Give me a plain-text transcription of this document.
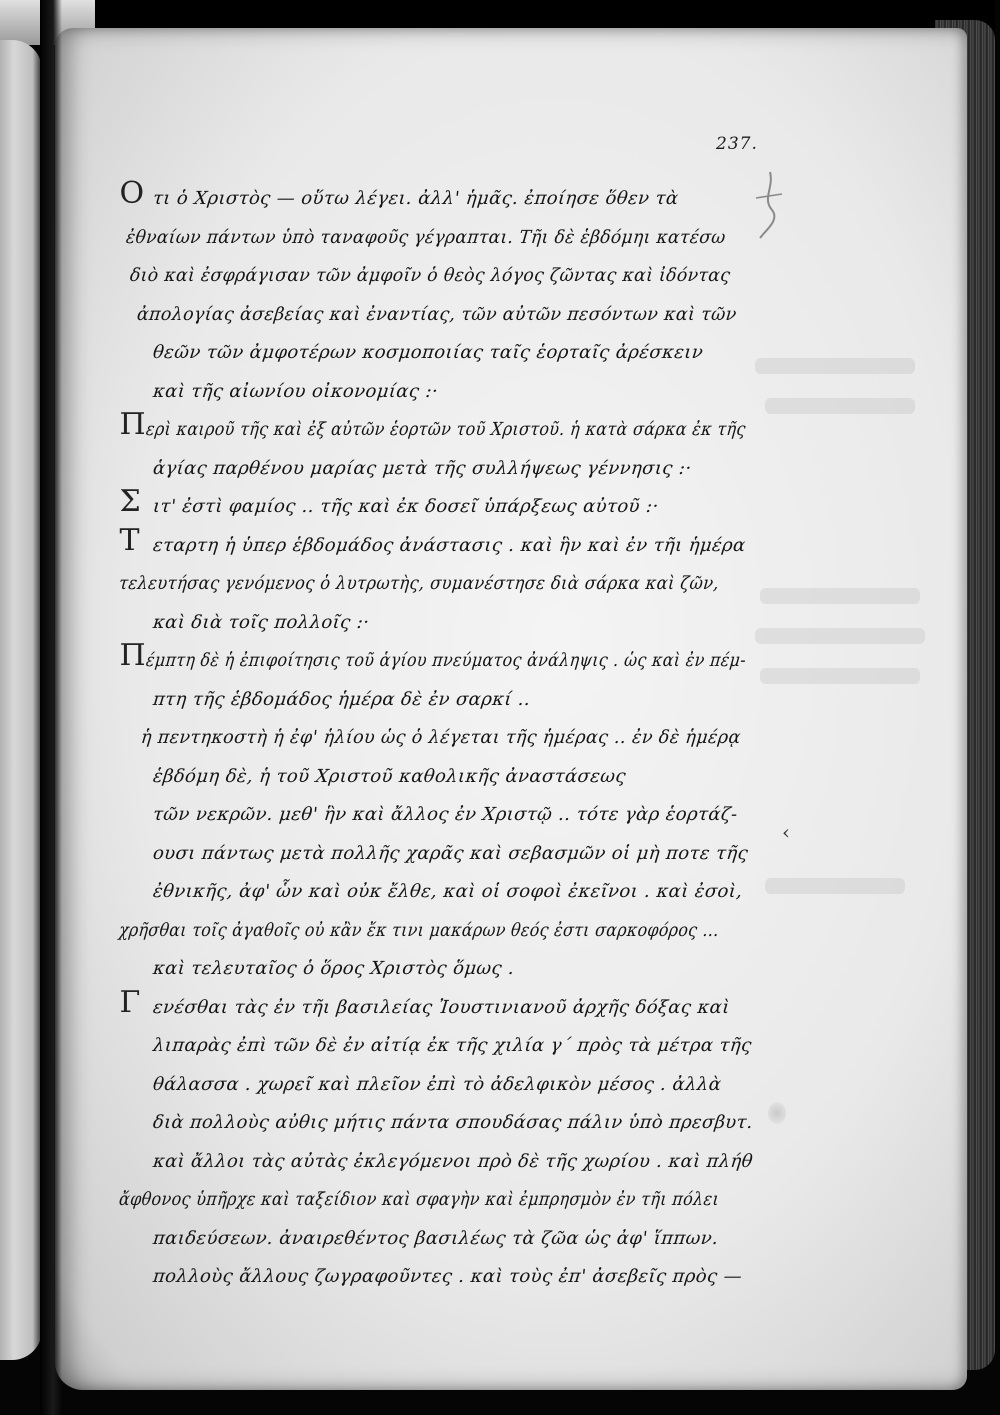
237.
O τι ὁ Χριστὸς — οὕτω λέγει. ἀλλ' ἡμᾶς. ἐποίησε ὅθεν τὰ
ἐθναίων πάντων ὑπὸ ταναφοῦς γέγραπται. Τῆι δὲ ἑβδόμηι κατέσω
διὸ καὶ ἐσφράγισαν τῶν ἀμφοῖν ὁ θεὸς λόγος ζῶντας καὶ ἰδόντας
ἀπολογίας ἀσεβείας καὶ ἐναντίας, τῶν αὐτῶν πεσόντων καὶ τῶν
θεῶν τῶν ἀμφοτέρων κοσμοποιίας ταῖς ἑορταῖς ἀρέσκειν
καὶ τῆς αἰωνίου οἰκονομίας :·
Π
ερὶ καιροῦ τῆς καὶ ἐξ αὐτῶν ἑορτῶν τοῦ Χριστοῦ. ἡ κατὰ σάρκα ἐκ τῆς
ἁγίας παρθένου μαρίας μετὰ τῆς συλλήψεως γέννησις :·
Σ ιτ' ἐστὶ φαμίος .. τῆς καὶ ἐκ δοσεῖ ὑπάρξεως αὐτοῦ :·
Τ εταρτη ἡ ὑπερ ἑβδομάδος ἀνάστασις . καὶ ἣν καὶ ἐν τῆι ἡμέρα
τελευτήσας γενόμενος ὁ λυτρωτὴς, συμανέστησε διὰ σάρκα καὶ ζῶν,
καὶ διὰ τοῖς πολλοῖς :·
Π
έμπτη δὲ ἡ ἐπιφοίτησις τοῦ ἁγίου πνεύματος ἀνάληψις . ὡς καὶ ἐν πέμ-
πτη τῆς ἑβδομάδος ἡμέρα δὲ ἐν σαρκί ..
ἡ πεντηκοστὴ ἡ ἐφ' ἡλίου ὡς ὁ λέγεται τῆς ἡμέρας .. ἐν δὲ ἡμέρᾳ
ἑβδόμη δὲ, ἡ τοῦ Χριστοῦ καθολικῆς ἀναστάσεως
τῶν νεκρῶν. μεθ' ἣν καὶ ἄλλος ἐν Χριστῷ .. τότε γὰρ ἑορτάζ-
ουσι πάντως μετὰ πολλῆς χαρᾶς καὶ σεβασμῶν οἱ μὴ ποτε τῆς
ἐθνικῆς, ἀφ' ὧν καὶ οὐκ ἔλθε, καὶ οἱ σοφοὶ ἐκεῖνοι . καὶ ἐσοὶ,
χρῆσθαι τοῖς ἀγαθοῖς οὐ κἂν ἔκ τινι μακάρων θεός ἐστι σαρκοφόρος ...
καὶ τελευταῖος ὁ ὅρος Χριστὸς ὅμως .
Γ ενέσθαι τὰς ἐν τῆι βασιλείας Ἰουστινιανοῦ ἀρχῆς δόξας καὶ
λιπαρὰς ἐπὶ τῶν δὲ ἐν αἰτίᾳ ἐκ τῆς χιλία γ΄ πρὸς τὰ μέτρα τῆς
θάλασσα . χωρεῖ καὶ πλεῖον ἐπὶ τὸ ἀδελφικὸν μέσος . ἀλλὰ
διὰ πολλοὺς αὐθις μήτις πάντα σπουδάσας πάλιν ὑπὸ πρεσβυτ.
καὶ ἄλλοι τὰς αὐτὰς ἐκλεγόμενοι πρὸ δὲ τῆς χωρίου . καὶ πλήθ
ἄφθονος ὑπῆρχε καὶ ταξείδιον καὶ σφαγὴν καὶ ἐμπρησμὸν ἐν τῆι πόλει
παιδεύσεων. ἀναιρεθέντος βασιλέως τὰ ζῶα ὡς ἀφ' ἵππων.
πολλοὺς ἄλλους ζωγραφοῦντες . καὶ τοὺς ἐπ' ἀσεβεῖς πρὸς —
‹
